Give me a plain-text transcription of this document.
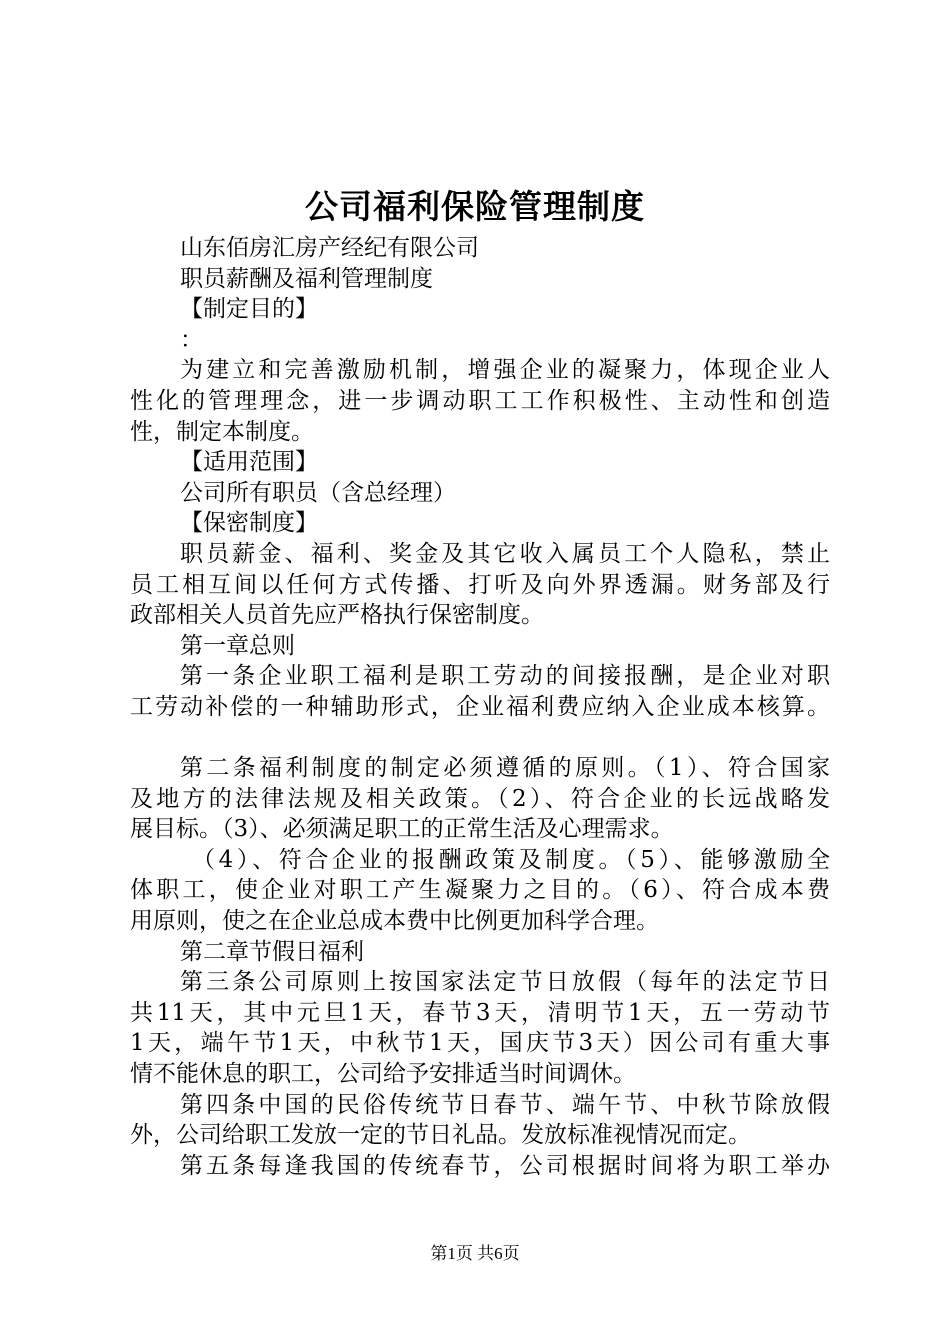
公司福利保险管理制度
山东佰房汇房产经纪有限公司
职员薪酬及福利管理制度
【制定目的】
：
为建立和完善激励机制，增强企业的凝聚力，体现企业人
性化的管理理念，进一步调动职工工作积极性、主动性和创造
性，制定本制度。
【适用范围】
公司所有职员（含总经理）
【保密制度】
职员薪金、福利、奖金及其它收入属员工个人隐私，禁止
员工相互间以任何方式传播、打听及向外界透漏。财务部及行
政部相关人员首先应严格执行保密制度。
第一章总则
第一条企业职工福利是职工劳动的间接报酬，是企业对职
工劳动补偿的一种辅助形式，企业福利费应纳入企业成本核算。
第二条福利制度的制定必须遵循的原则。（1）、符合国家
及地方的法律法规及相关政策。（2）、符合企业的长远战略发
展目标。（3）、必须满足职工的正常生活及心理需求。
（4）、符合企业的报酬政策及制度。（5）、能够激励全
体职工，使企业对职工产生凝聚力之目的。（6）、符合成本费
用原则，使之在企业总成本费中比例更加科学合理。
第二章节假日福利
第三条公司原则上按国家法定节日放假（每年的法定节日
共11天，其中元旦1天，春节3天，清明节1天，五一劳动节
1天，端午节1天，中秋节1天，国庆节3天）因公司有重大事
情不能休息的职工，公司给予安排适当时间调休。
第四条中国的民俗传统节日春节、端午节、中秋节除放假
外，公司给职工发放一定的节日礼品。发放标准视情况而定。
第五条每逢我国的传统春节，公司根据时间将为职工举办
第1页 共6页
